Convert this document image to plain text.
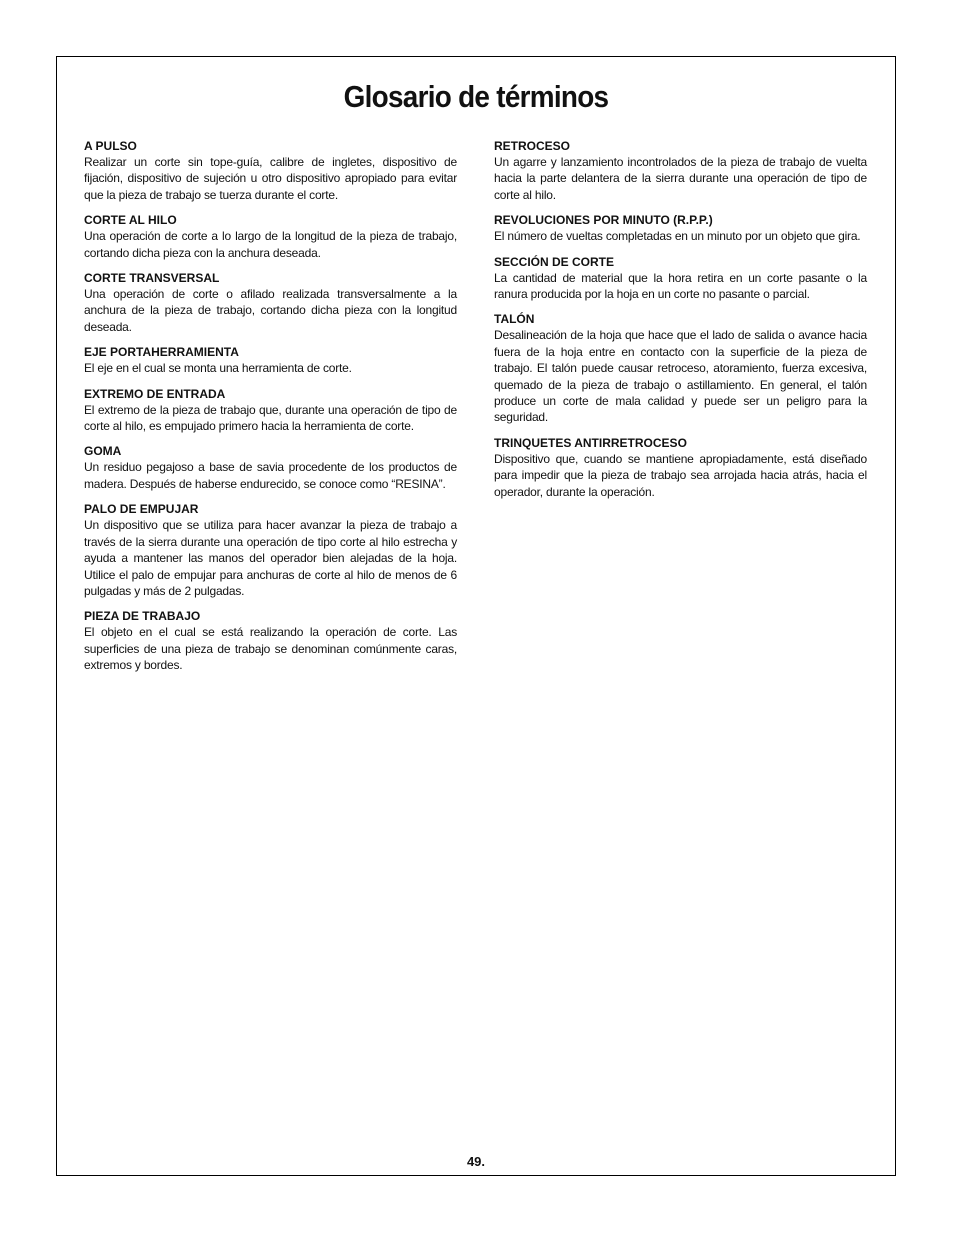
Glosario de términos

A PULSO

Realizar un corte sin tope-guía, calibre de ingletes, dispositivo de fijación, dispositivo de sujeción u otro dispositivo apropiado para evitar que la pieza de trabajo se tuerza durante el corte.

CORTE AL HILO

Una operación de corte a lo largo de la longitud de la pieza de trabajo, cortando dicha pieza con la anchura deseada.

CORTE TRANSVERSAL

Una operación de corte o afilado realizada transversalmente a la anchura de la pieza de trabajo, cortando dicha pieza con la longitud deseada.

EJE PORTAHERRAMIENTA

El eje en el cual se monta una herramienta de corte.

EXTREMO DE ENTRADA

El extremo de la pieza de trabajo que, durante una operación de tipo de corte al hilo, es empujado primero hacia la herramienta de corte.

GOMA

Un residuo pegajoso a base de savia procedente de los productos de madera. Después de haberse endurecido, se conoce como “RESINA”.

PALO DE EMPUJAR

Un dispositivo que se utiliza para hacer avanzar la pieza de trabajo a través de la sierra durante una operación de tipo corte al hilo estrecha y ayuda a mantener las manos del operador bien alejadas de la hoja. Utilice el palo de empujar para anchuras de corte al hilo de menos de 6 pulgadas y más de 2 pulgadas.

PIEZA DE TRABAJO

El objeto en el cual se está realizando la operación de corte. Las superficies de una pieza de trabajo se denominan comúnmente caras, extremos y bordes.

RETROCESO

Un agarre y lanzamiento incontrolados de la pieza de trabajo de vuelta hacia la parte delantera de la sierra durante una operación de tipo de corte al hilo.

REVOLUCIONES POR MINUTO (R.P.P.)

El número de vueltas completadas en un minuto por un objeto que gira.

SECCIÓN DE CORTE

La cantidad de material que la hora retira en un corte pasante o la ranura producida por la hoja en un corte no pasante o parcial.

TALÓN

Desalineación de la hoja que hace que el lado de salida o avance hacia fuera de la hoja entre en contacto con la superficie de la pieza de trabajo. El talón puede causar retroceso, atoramiento, fuerza excesiva, quemado de la pieza de trabajo o astillamiento. En general, el talón produce un corte de mala calidad y puede ser un peligro para la seguridad.

TRINQUETES ANTIRRETROCESO

Dispositivo que, cuando se mantiene apropiadamente, está diseñado para impedir que la pieza de trabajo sea arrojada hacia atrás, hacia el operador, durante la operación.

49.
